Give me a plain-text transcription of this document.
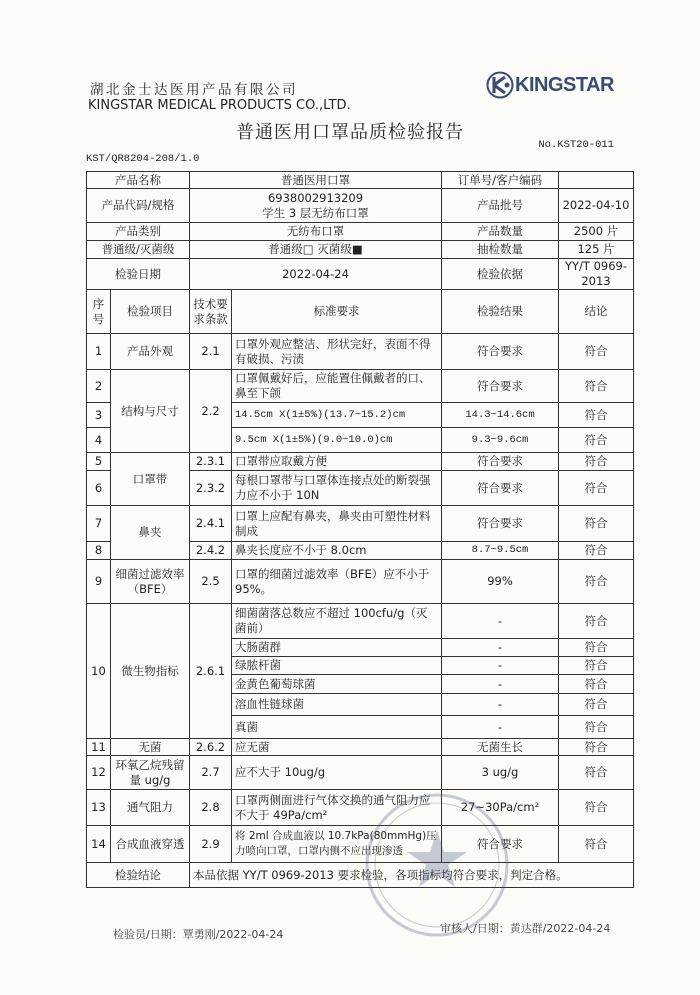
湖北金士达医用产品有限公司
KINGSTAR MEDICAL PRODUCTS CO.,LTD.
KINGSTAR
普通医用口罩品质检验报告
No.KST20-011
KST/QR8204-208/1.0
产品名称		普通医用口罩		订单号/客户编码	
产品代码/规格		6938002913209
学生 3 层无纺布口罩		产品批号	2022-04-10
产品类别		无纺布口罩		产品数量	2500 片
普通级/灭菌级		普通级□ 灭菌级■		抽检数量	125 片
检验日期		2022-04-24		检验依据	YY/T 0969-2013
序号	检验项目	技术要求条款	标准要求	检验结果	结论
1	产品外观	2.1	口罩外观应整洁、形状完好，表面不得有破损、污渍	符合要求	符合
2	结构与尺寸	2.2	口罩佩戴好后，应能置住佩戴者的口、鼻至下颌	符合要求	符合
3			14.5cm X(1±5%)(13.7~15.2)cm	14.3~14.6cm	符合
4			9.5cm X(1±5%)(9.0~10.0)cm	9.3~9.6cm	符合
5	口罩带	2.3.1	口罩带应取戴方便	符合要求	符合
6		2.3.2	每根口罩带与口罩体连接点处的断裂强力应不小于 10N	符合要求	符合
7	鼻夹	2.4.1	口罩上应配有鼻夹，鼻夹由可塑性材料制成	符合要求	符合
8		2.4.2	鼻夹长度应不小于 8.0cm	8.7~9.5cm	符合
9	细菌过滤效率（BFE）	2.5	口罩的细菌过滤效率（BFE）应不小于 95%。	99%	符合
10	微生物指标	2.6.1	细菌菌落总数应不超过 100cfu/g（灭菌前）	-	符合
			大肠菌群	-	符合
			绿脓杆菌	-	符合
			金黄色葡萄球菌	-	符合
			溶血性链球菌	-	符合
			真菌	-	符合
11	无菌	2.6.2	应无菌	无菌生长	符合
12	环氧乙烷残留量 ug/g	2.7	应不大于 10ug/g	3 ug/g	符合
13	通气阻力	2.8	口罩两侧面进行气体交换的通气阻力应不大于 49Pa/cm²	27~30Pa/cm²	符合
14	合成血液穿透	2.9	将 2ml 合成血液以 10.7kPa(80mmHg)压力喷向口罩，口罩内侧不应出现渗透	符合要求	符合
检验结论		本品依据 YY/T 0969-2013 要求检验，各项指标均符合要求，判定合格。			
检验员/日期：覃勇刚/2022-04-24	审核人/日期：黄达群/2022-04-24
